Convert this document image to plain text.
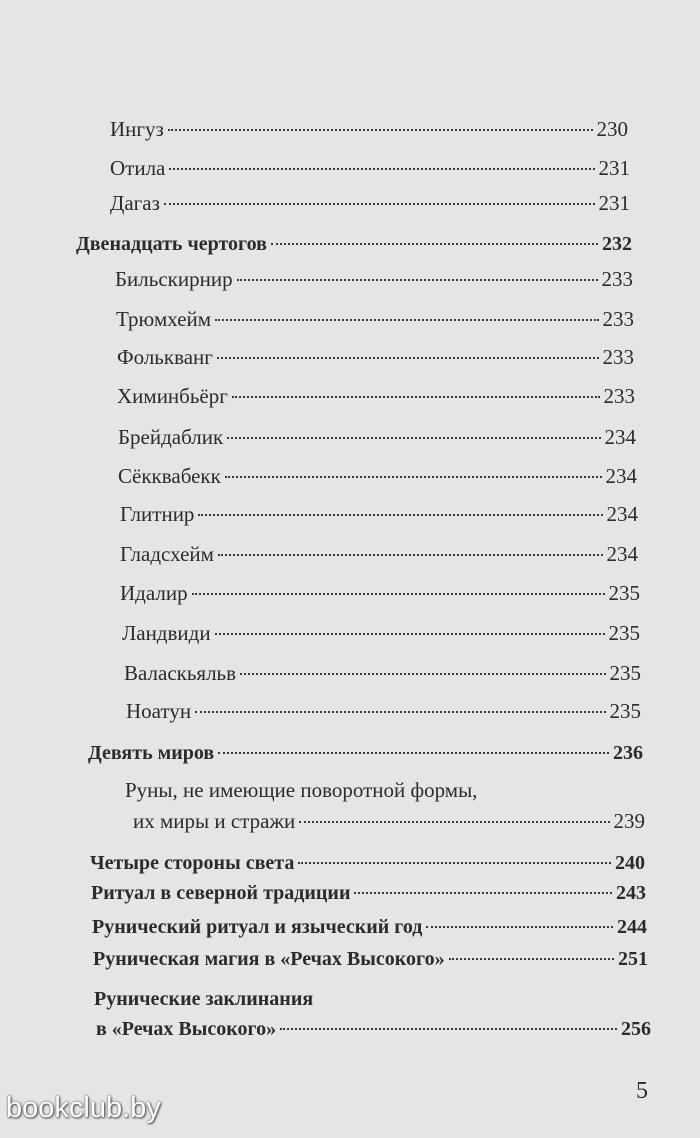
Ингуз	230
Отила	231
Дагаз	231
Двенадцать чертогов	232
Бильскирнир	233
Трюмхейм	233
Фолькванг	233
Химинбьёрг	233
Брейдаблик	234
Сёкквабекк	234
Глитнир	234
Гладсхейм	234
Идалир	235
Ландвиди	235
Валаскьяльв	235
Ноатун	235
Девять миров	236
Руны, не имеющие поворотной формы,
их миры и стражи	239
Четыре стороны света	240
Ритуал в северной традиции	243
Рунический ритуал и языческий год	244
Руническая магия в «Речах Высокого»	251
Рунические заклинания
в «Речах Высокого»	256
5
bookclub.by
